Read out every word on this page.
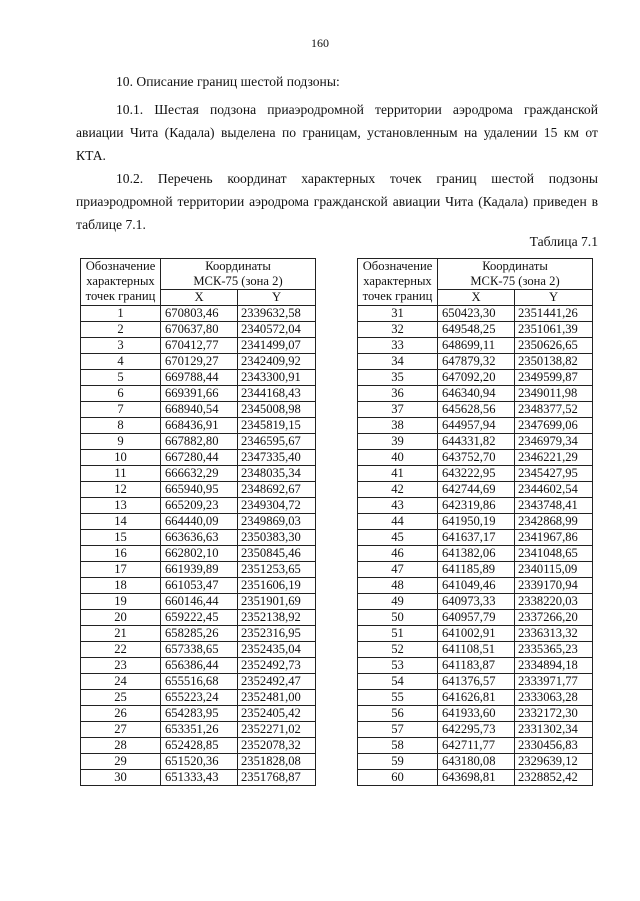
160
10. Описание границ шестой подзоны:
10.1. Шестая подзона приаэродромной территории аэродрома гражданской авиации Чита (Кадала) выделена по границам, установленным на удалении 15 км от КТА.
10.2. Перечень координат характерных точек границ шестой подзоны приаэродромной территории аэродрома гражданской авиации Чита (Кадала) приведен в таблице 7.1.
Таблица 7.1
Обозначение
характерных
точек границ	Координаты
МСК-75 (зона 2)	
	X	Y
1	670803,46	2339632,58
2	670637,80	2340572,04
3	670412,77	2341499,07
4	670129,27	2342409,92
5	669788,44	2343300,91
6	669391,66	2344168,43
7	668940,54	2345008,98
8	668436,91	2345819,15
9	667882,80	2346595,67
10	667280,44	2347335,40
11	666632,29	2348035,34
12	665940,95	2348692,67
13	665209,23	2349304,72
14	664440,09	2349869,03
15	663636,63	2350383,30
16	662802,10	2350845,46
17	661939,89	2351253,65
18	661053,47	2351606,19
19	660146,44	2351901,69
20	659222,45	2352138,92
21	658285,26	2352316,95
22	657338,65	2352435,04
23	656386,44	2352492,73
24	655516,68	2352492,47
25	655223,24	2352481,00
26	654283,95	2352405,42
27	653351,26	2352271,02
28	652428,85	2352078,32
29	651520,36	2351828,08
30	651333,43	2351768,87
Обозначение
характерных
точек границ	Координаты
МСК-75 (зона 2)	
	X	Y
31	650423,30	2351441,26
32	649548,25	2351061,39
33	648699,11	2350626,65
34	647879,32	2350138,82
35	647092,20	2349599,87
36	646340,94	2349011,98
37	645628,56	2348377,52
38	644957,94	2347699,06
39	644331,82	2346979,34
40	643752,70	2346221,29
41	643222,95	2345427,95
42	642744,69	2344602,54
43	642319,86	2343748,41
44	641950,19	2342868,99
45	641637,17	2341967,86
46	641382,06	2341048,65
47	641185,89	2340115,09
48	641049,46	2339170,94
49	640973,33	2338220,03
50	640957,79	2337266,20
51	641002,91	2336313,32
52	641108,51	2335365,23
53	641183,87	2334894,18
54	641376,57	2333971,77
55	641626,81	2333063,28
56	641933,60	2332172,30
57	642295,73	2331302,34
58	642711,77	2330456,83
59	643180,08	2329639,12
60	643698,81	2328852,42
